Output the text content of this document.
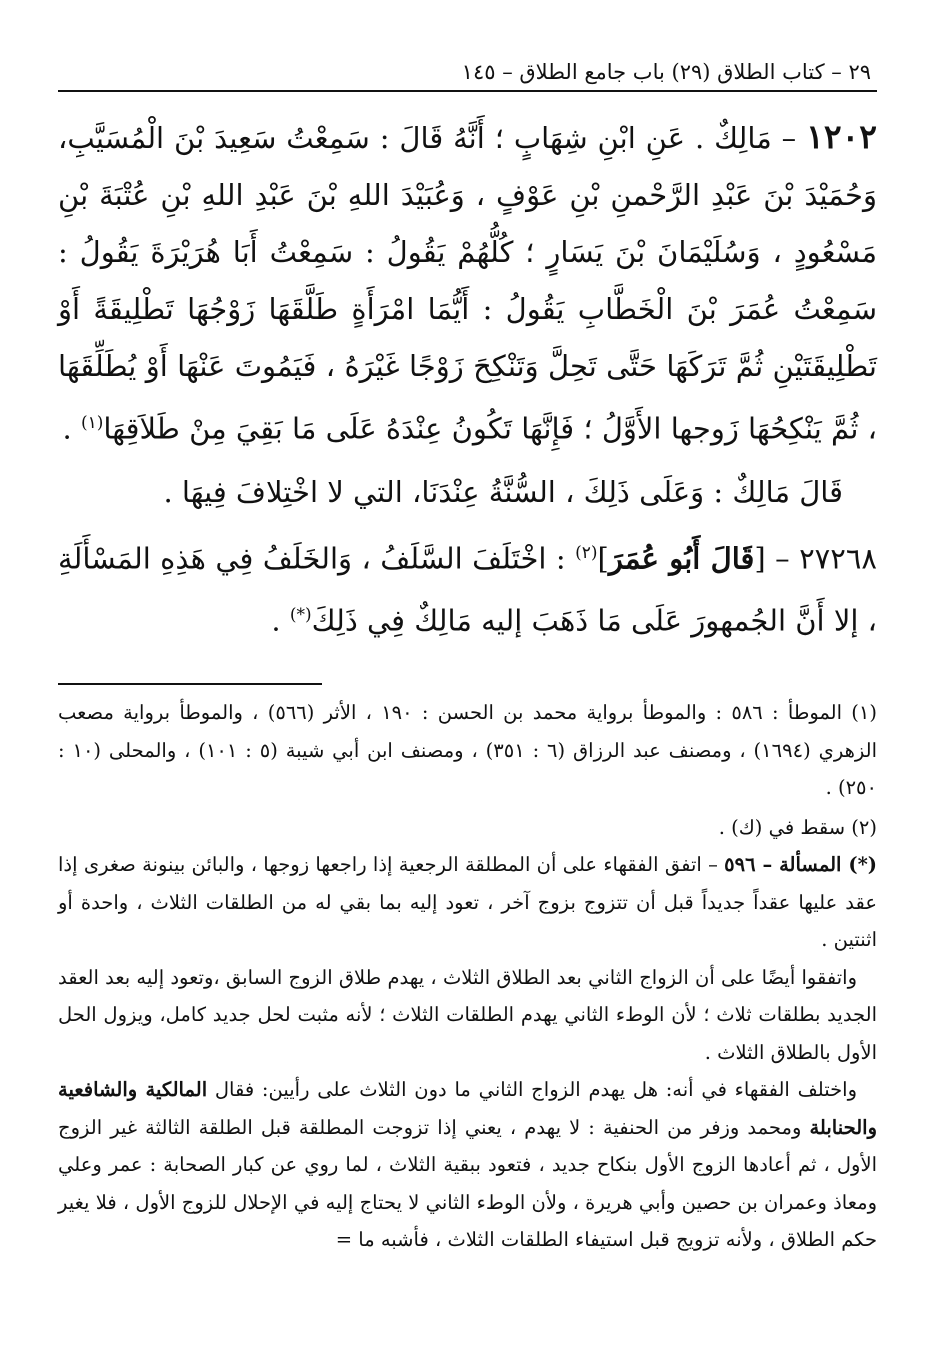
٢٩ – كتاب الطلاق (٢٩) باب جامع الطلاق – ١٤٥

١٢٠٢ – مَالِكٌ . عَنِ ابْنِ شِهَابٍ ؛ أَنَّهُ قَالَ : سَمِعْتُ سَعِيدَ بْنَ الْمُسَيَّبِ، وَحُمَيْدَ بْنَ عَبْدِ الرَّحْمنِ بْنِ عَوْفٍ ، وَعُبَيْدَ اللهِ بْنَ عَبْدِ اللهِ بْنِ عُتْبَةَ بْنِ مَسْعُودٍ ، وَسُلَيْمَانَ بْنَ يَسَارٍ ؛ كُلُّهُمْ يَقُولُ : سَمِعْتُ أَبَا هُرَيْرَةَ يَقُولُ : سَمِعْتُ عُمَرَ بْنَ الْخَطَّابِ يَقُولُ : أَيُّمَا امْرَأَةٍ طَلَّقَهَا زَوْجُهَا تَطْلِيقَةً أَوْ تَطْلِيقَتَيْنِ ثُمَّ تَرَكَهَا حَتَّى تَحِلَّ وَتَنْكِحَ زَوْجًا غَيْرَهُ ، فَيَمُوتَ عَنْهَا أَوْ يُطَلِّقَهَا ، ثُمَّ يَنْكِحُهَا زَوجها الأَوَّلُ ؛ فَإِنَّهَا تَكُونُ عِنْدَهُ عَلَى مَا بَقِيَ مِنْ طَلاَقِهَا$^{(١)}$ .

قَالَ مَالِكٌ : وَعَلَى ذَلِكَ ، السُّنَّةُ عِنْدَنَا، التي لا اخْتِلافَ فِيهَا .

٢٧٢٦٨ – [قَالَ أَبُو عُمَرَ]$^{(٢)}$ : اخْتَلَفَ السَّلَفُ ، وَالخَلَفُ فِي هَذِهِ المَسْأَلَةِ ، إلا أَنَّ الجُمهورَ عَلَى مَا ذَهَبَ إليه مَالِكٌ فِي ذَلِكَ(*) .

(١) الموطأ : ٥٨٦ : والموطأ برواية محمد بن الحسن : ١٩٠ ، الأثر (٥٦٦) ، والموطأ برواية مصعب الزهري (١٦٩٤) ، ومصنف عبد الرزاق (٦ : ٣٥١) ، ومصنف ابن أبي شيبة (٥ : ١٠١) ، والمحلى (١٠ : ٢٥٠) .

(٢) سقط في (ك) .

(*) المسألة – ٥٩٦ – اتفق الفقهاء على أن المطلقة الرجعية إذا راجعها زوجها ، والبائن بينونة صغرى إذا عقد عليها عقداً جديداً قبل أن تتزوج بزوج آخر ، تعود إليه بما بقي له من الطلقات الثلاث ، واحدة أو اثنتين .

واتفقوا أيضًا على أن الزواج الثاني بعد الطلاق الثلاث ، يهدم طلاق الزوج السابق ،وتعود إليه بعد العقد الجديد بطلقات ثلاث ؛ لأن الوطء الثاني يهدم الطلقات الثلاث ؛ لأنه مثبت لحل جديد كامل، ويزول الحل الأول بالطلاق الثلاث .

واختلف الفقهاء في أنه: هل يهدم الزواج الثاني ما دون الثلاث على رأيين: فقال المالكية والشافعية والحنابلة ومحمد وزفر من الحنفية : لا يهدم ، يعني إذا تزوجت المطلقة قبل الطلقة الثالثة غير الزوج الأول ، ثم أعادها الزوج الأول بنكاح جديد ، فتعود ببقية الثلاث ، لما روي عن كبار الصحابة : عمر وعلي ومعاذ وعمران بن حصين وأبي هريرة ، ولأن الوطء الثاني لا يحتاج إليه في الإحلال للزوج الأول ، فلا يغير حكم الطلاق ، ولأنه تزويج قبل استيفاء الطلقات الثلاث ، فأشبه ما =
